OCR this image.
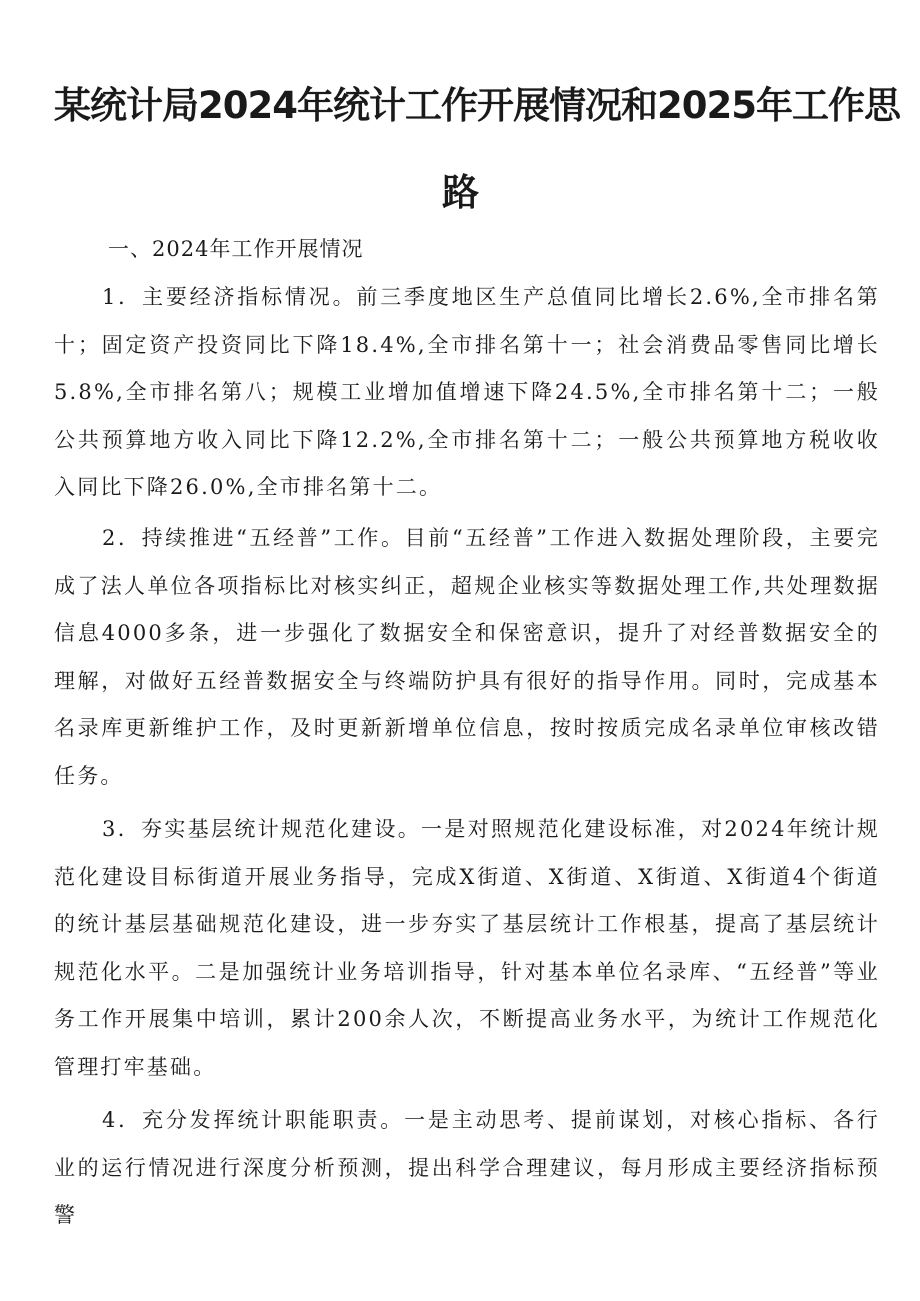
某统计局2024年统计工作开展情况和2025年工作思
路
一、2024年工作开展情况

1．主要经济指标情况。前三季度地区生产总值同比增长2.6%,全市排名第十；固定资产投资同比下降18.4%,全市排名第十一；社会消费品零售同比增长5.8%,全市排名第八；规模工业增加值增速下降24.5%,全市排名第十二；一般公共预算地方收入同比下降12.2%,全市排名第十二；一般公共预算地方税收收入同比下降26.0%,全市排名第十二。

2．持续推进“五经普”工作。目前“五经普”工作进入数据处理阶段，主要完成了法人单位各项指标比对核实纠正，超规企业核实等数据处理工作,共处理数据信息4000多条，进一步强化了数据安全和保密意识，提升了对经普数据安全的理解，对做好五经普数据安全与终端防护具有很好的指导作用。同时，完成基本名录库更新维护工作，及时更新新增单位信息，按时按质完成名录单位审核改错任务。

3．夯实基层统计规范化建设。一是对照规范化建设标准，对2024年统计规范化建设目标街道开展业务指导，完成X街道、X街道、X街道、X街道4个街道的统计基层基础规范化建设，进一步夯实了基层统计工作根基，提高了基层统计规范化水平。二是加强统计业务培训指导，针对基本单位名录库、“五经普”等业务工作开展集中培训，累计200余人次，不断提高业务水平，为统计工作规范化管理打牢基础。

4．充分发挥统计职能职责。一是主动思考、提前谋划，对核心指标、各行业的运行情况进行深度分析预测，提出科学合理建议，每月形成主要经济指标预警
